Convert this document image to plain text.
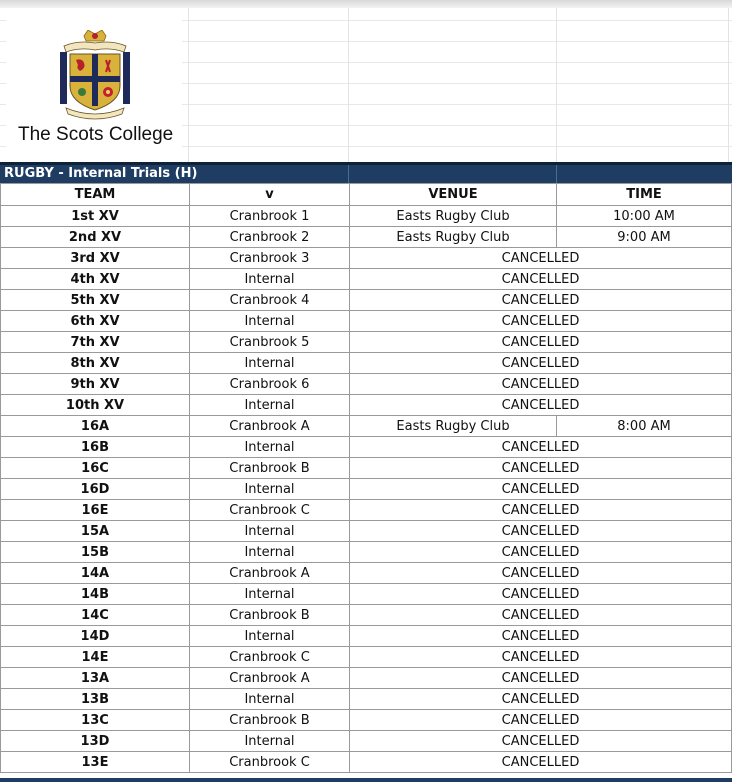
The Scots College
RUGBY - Internal Trials (H)
TEAM	v	VENUE	TIME
1st XV	Cranbrook 1	Easts Rugby Club	10:00 AM
2nd XV	Cranbrook 2	Easts Rugby Club	9:00 AM
3rd XV	Cranbrook 3	CANCELLED	
4th XV	Internal	CANCELLED	
5th XV	Cranbrook 4	CANCELLED	
6th XV	Internal	CANCELLED	
7th XV	Cranbrook 5	CANCELLED	
8th XV	Internal	CANCELLED	
9th XV	Cranbrook 6	CANCELLED	
10th XV	Internal	CANCELLED	
16A	Cranbrook A	Easts Rugby Club	8:00 AM
16B	Internal	CANCELLED	
16C	Cranbrook B	CANCELLED	
16D	Internal	CANCELLED	
16E	Cranbrook C	CANCELLED	
15A	Internal	CANCELLED	
15B	Internal	CANCELLED	
14A	Cranbrook A	CANCELLED	
14B	Internal	CANCELLED	
14C	Cranbrook B	CANCELLED	
14D	Internal	CANCELLED	
14E	Cranbrook C	CANCELLED	
13A	Cranbrook A	CANCELLED	
13B	Internal	CANCELLED	
13C	Cranbrook B	CANCELLED	
13D	Internal	CANCELLED	
13E	Cranbrook C	CANCELLED	
